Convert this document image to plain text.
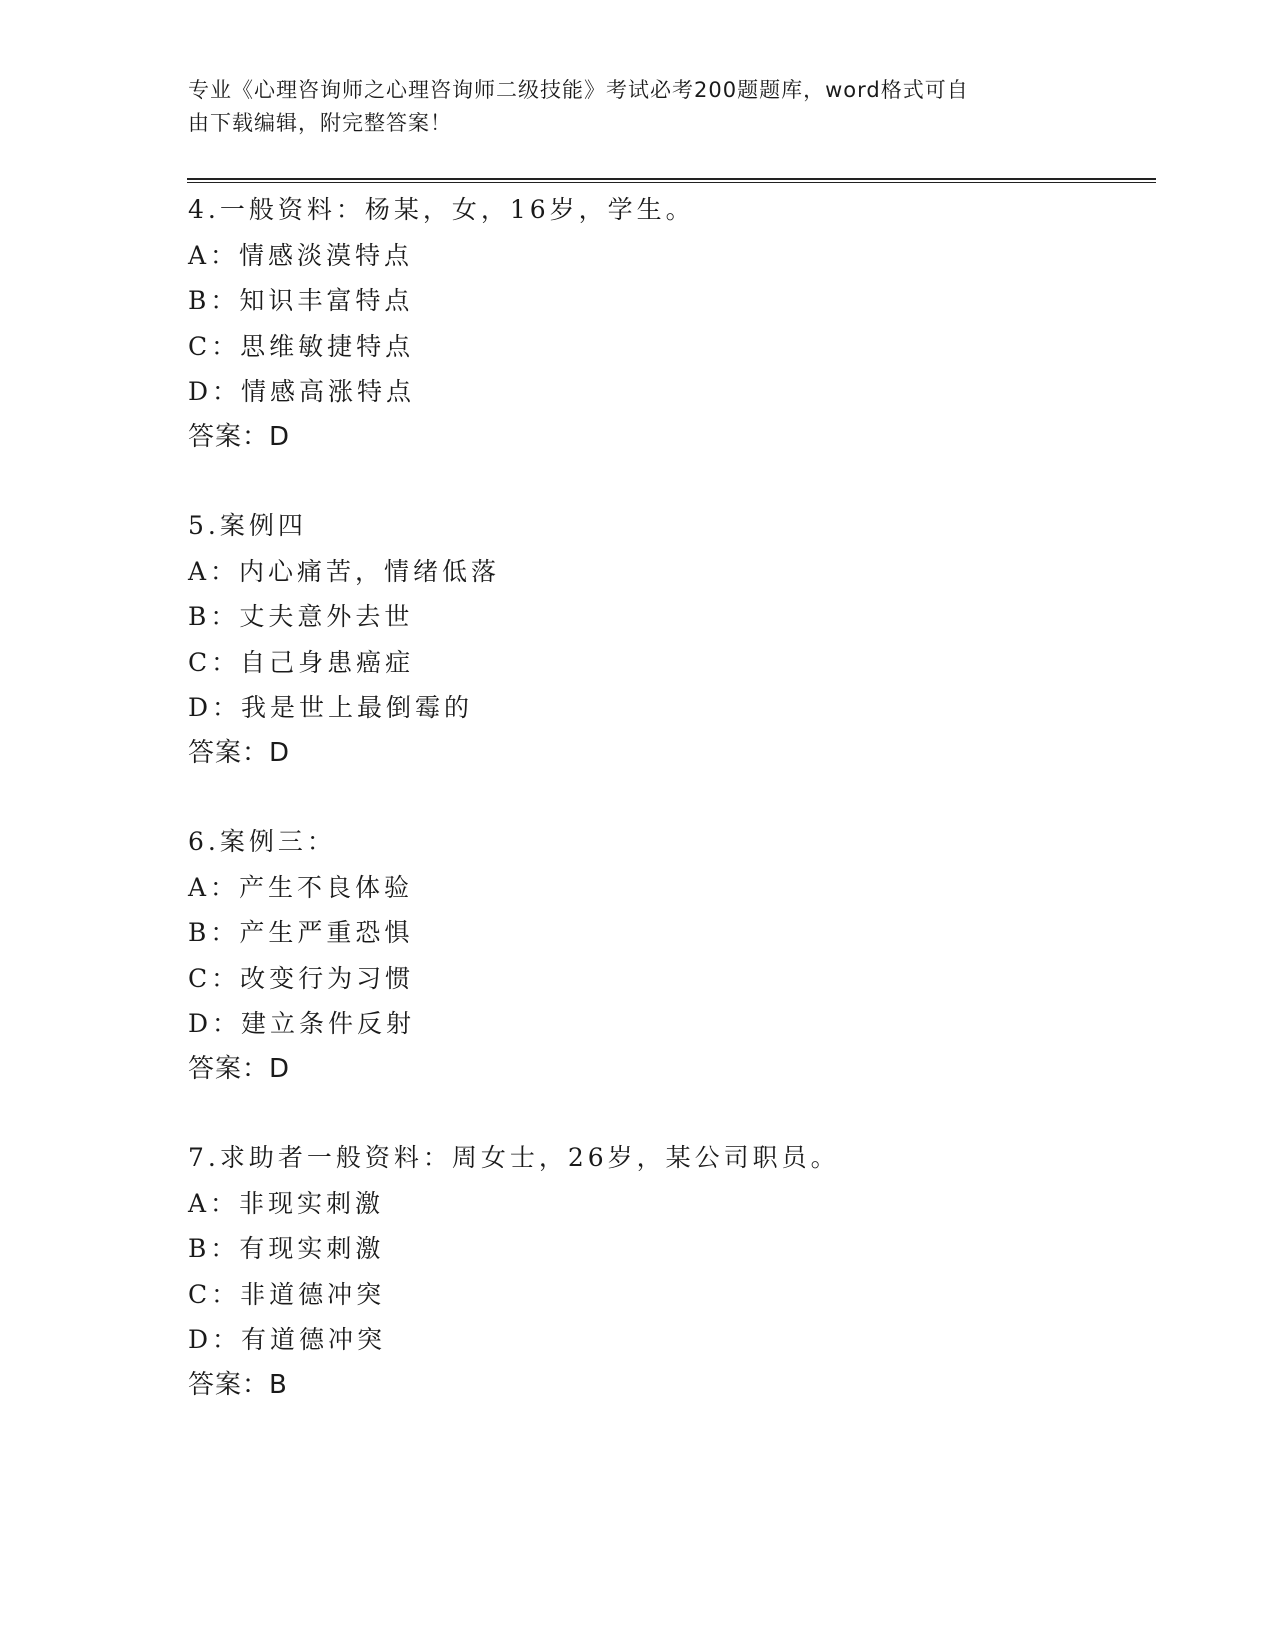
专业《心理咨询师之心理咨询师二级技能》考试必考200题题库，word格式可自
由下载编辑，附完整答案！
4.一般资料：杨某，女，16岁，学生。
A：情感淡漠特点
B：知识丰富特点
C：思维敏捷特点
D：情感高涨特点
答案：D
5.案例四
A：内心痛苦，情绪低落
B：丈夫意外去世
C：自己身患癌症
D：我是世上最倒霉的
答案：D
6.案例三：
A：产生不良体验
B：产生严重恐惧
C：改变行为习惯
D：建立条件反射
答案：D
7.求助者一般资料：周女士，26岁，某公司职员。
A：非现实刺激
B：有现实刺激
C：非道德冲突
D：有道德冲突
答案：B
